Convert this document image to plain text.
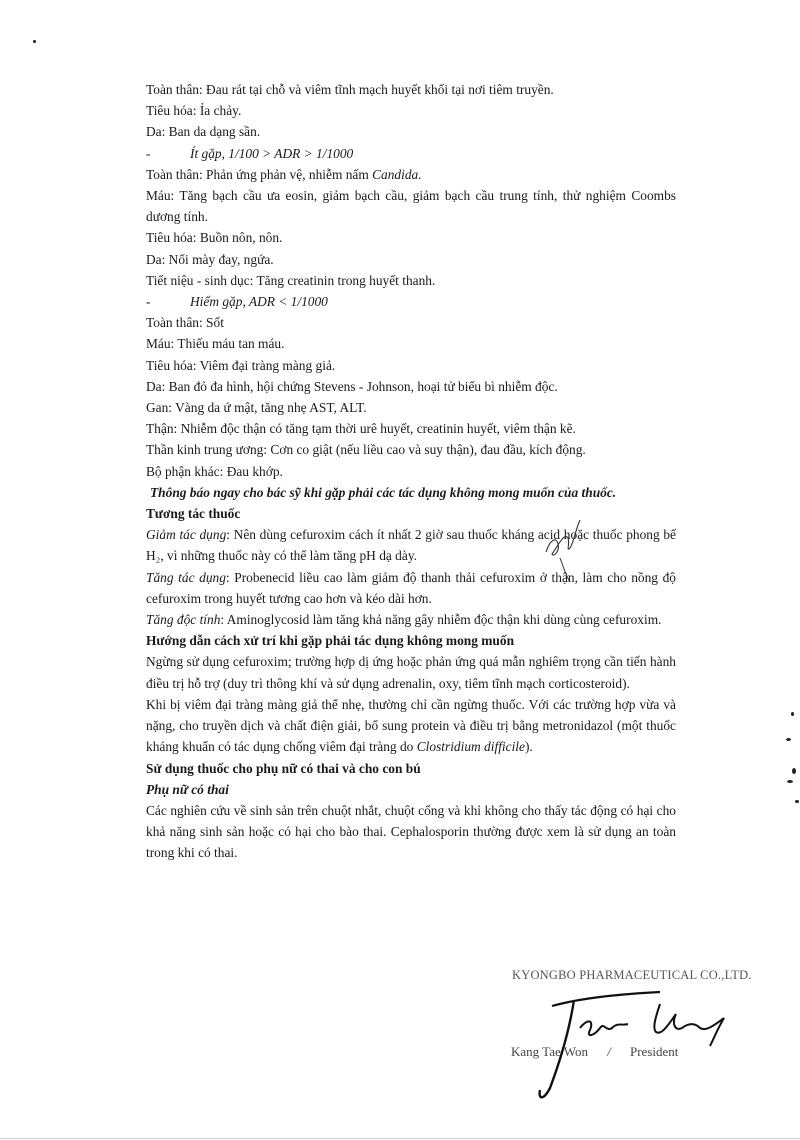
Toàn thân: Đau rát tại chỗ và viêm tĩnh mạch huyết khối tại nơi tiêm truyền.

Tiêu hóa: Ỉa chảy.

Da: Ban da dạng sần.

-	Ít gặp, 1/100 > ADR > 1/1000

Toàn thân: Phản ứng phản vệ, nhiễm nấm Candida.

Máu: Tăng bạch cầu ưa eosin, giảm bạch cầu, giảm bạch cầu trung tính, thử nghiệm Coombs dương tính.

Tiêu hóa: Buồn nôn, nôn.

Da: Nổi mày đay, ngứa.

Tiết niệu - sinh dục: Tăng creatinin trong huyết thanh.

-	Hiếm gặp, ADR < 1/1000

Toàn thân: Sốt

Máu: Thiếu máu tan máu.

Tiêu hóa: Viêm đại tràng màng giả.

Da: Ban đỏ đa hình, hội chứng Stevens - Johnson, hoại tử biểu bì nhiễm độc.

Gan: Vàng da ứ mật, tăng nhẹ AST, ALT.

Thận: Nhiễm độc thận có tăng tạm thời urê huyết, creatinin huyết, viêm thận kẽ.

Thần kinh trung ương: Cơn co giật (nếu liều cao và suy thận), đau đầu, kích động.

Bộ phận khác: Đau khớp.

Thông báo ngay cho bác sỹ khi gặp phải các tác dụng không mong muốn của thuốc.

Tương tác thuốc

Giảm tác dụng: Nên dùng cefuroxim cách ít nhất 2 giờ sau thuốc kháng acid hoặc thuốc phong bế H₂, vì những thuốc này có thể làm tăng pH dạ dày.

Tăng tác dụng: Probenecid liều cao làm giảm độ thanh thải cefuroxim ở thận, làm cho nồng độ cefuroxim trong huyết tương cao hơn và kéo dài hơn.

Tăng độc tính: Aminoglycosid làm tăng khả năng gây nhiễm độc thận khi dùng cùng cefuroxim.

Hướng dẫn cách xử trí khi gặp phải tác dụng không mong muốn

Ngừng sử dụng cefuroxim; trường hợp dị ứng hoặc phản ứng quá mẫn nghiêm trọng cần tiến hành điều trị hỗ trợ (duy trì thông khí và sử dụng adrenalin, oxy, tiêm tĩnh mạch corticosteroid).

Khi bị viêm đại tràng màng giả thể nhẹ, thường chỉ cần ngừng thuốc. Với các trường hợp vừa và nặng, cho truyền dịch và chất điện giải, bổ sung protein và điều trị bằng metronidazol (một thuốc kháng khuẩn có tác dụng chống viêm đại tràng do Clostridium difficile).

Sử dụng thuốc cho phụ nữ có thai và cho con bú

Phụ nữ có thai

Các nghiên cứu về sinh sản trên chuột nhắt, chuột cống và khỉ không cho thấy tác động có hại cho khả năng sinh sản hoặc có hại cho bào thai. Cephalosporin thường được xem là sử dụng an toàn trong khi có thai.

KYONGBO PHARMACEUTICAL CO.,LTD.
Kang Tae Won / President
